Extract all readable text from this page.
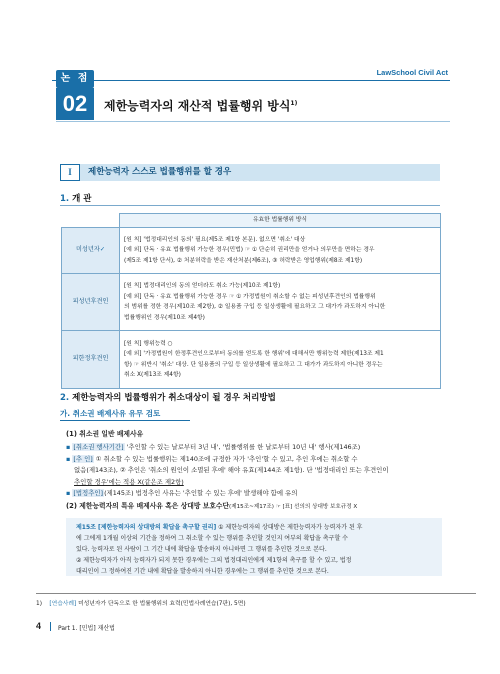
LawSchool Civil Act
논 점
02	제한능력자의 재산적 법률행위 방식$^{1)}$
I	제한능력자 스스로 법률행위를 할 경우
1. 개 관
	유효한 법률행위 방식
미성년자✓	[원 칙] '법정대리인의 동의' 필요(제5조 제1항 본문). 없으면 '취소' 대상
[예 외] 단독 · 유효 법률행위 가능한 경우(민법) ☞ ① 단순히 권리만을 얻거나 의무만을 면하는 경우
(제5조 제1항 단서), ② 처분허락을 받은 재산처분(제6조), ③ 허락받은 영업행위(제8조 제1항)

피성년후견인	[원 칙] 법정대리인의 동의 얻더라도 취소 가능(제10조 제1항)
[예 외] 단독 · 유효 법률행위 가능한 경우 ☞ ① 가정법원이 취소할 수 없는 피성년후견인의 법률행위
의 범위를 정한 경우(제10조 제2항), ② 일용품 구입 등 일상생활에 필요하고 그 대가가 과도하지 아니한
법률행위인 경우(제10조 제4항)

피한정후견인	[원 칙] 행위능력 ○
[예 외] '가정법원이 한정후견인으로부터 동의를 얻도록 한 행위'에 대해서만 행위능력 제한(제13조 제1
항) ☞ 위반시 '취소' 대상. 단 일용품의 구입 등 일상생활에 필요하고 그 대가가 과도하지 아니한 경우는
취소 X(제13조 제4항)
2. 제한능력자의 법률행위가 취소대상이 될 경우 처리방법
가. 취소권 배제사유 유무 검토
(1) 취소권 일반 배제사유
▪ [취소권 행사기간] '추인할 수 있는 날로부터 3년 내', '법률행위를 한 날로부터 10년 내' 행사(제146조)
▪ [추 인] ① 취소할 수 있는 법률행위는 제140조에 규정한 자가 '추인'할 수 있고, 추인 후에는 취소할 수
없음(제143조), ② 추인은 '취소의 원인이 소멸된 후에' 해야 유효(제144조 제1항). 단 '법정대리인 또는 후견인이
추인할 경우'에는 적용 X(같은조 제2항)
▪ [법정추인](제145조) 법정추인 사유는 '추인할 수 있는 후에' 발생해야 함에 유의
(2) 제한능력자의 특유 배제사유 혹은 상대방 보호수단(제15조~제17조) ☞ [표] 선의의 상대방 보호규정 X
제15조 [제한능력자의 상대방의 확답을 촉구할 권리] ① 제한능력자의 상대방은 제한능력자가 능력자가 된 후
에 그에게 1개월 이상의 기간을 정하여 그 취소할 수 있는 행위를 추인할 것인지 여부의 확답을 촉구할 수
있다. 능력자로 된 사람이 그 기간 내에 확답을 발송하지 아니하면 그 행위를 추인한 것으로 본다.
② 제한능력자가 아직 능력자가 되지 못한 경우에는 그의 법정대리인에게 제1항의 촉구를 할 수 있고, 법정
대리인이 그 정하여진 기간 내에 확답을 발송하지 아니한 경우에는 그 행위를 추인한 것으로 본다.
1) [연습사례] 미성년자가 단독으로 한 법률행위의 효력(민법사례연습(7판), 5면)
4	Part 1. [민법] 재산법
